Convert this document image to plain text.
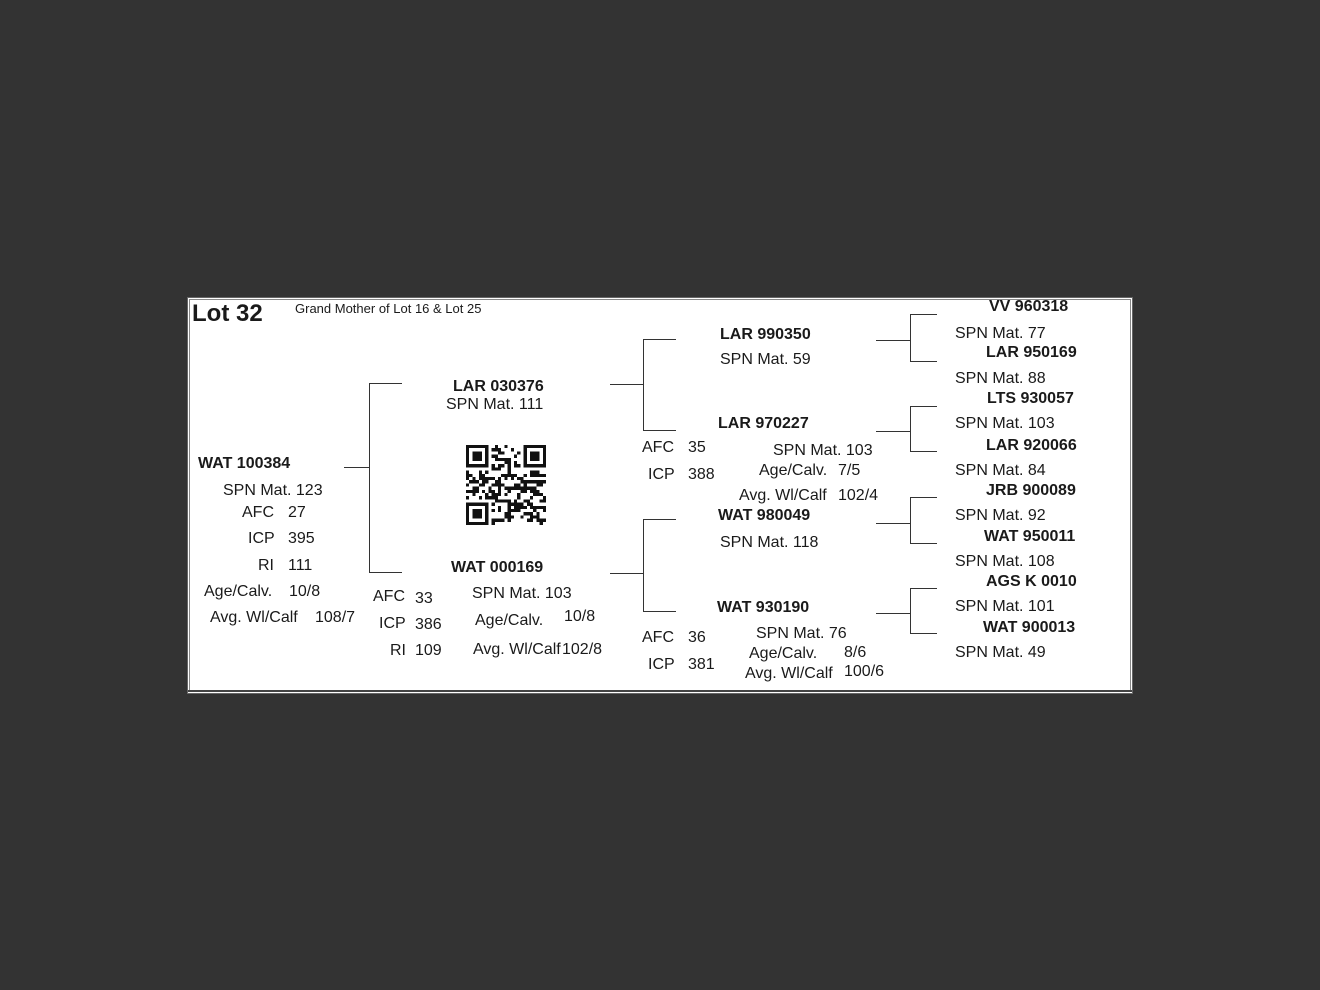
Lot 32 Grand Mother of Lot 16 & Lot 25
WAT 100384
SPN Mat. 123
AFC 27
ICP 395
RI 111
Age/Calv. 10/8
Avg. Wl/Calf 108/7
LAR 030376
SPN Mat. 111
WAT 000169
SPN Mat. 103
AFC 33
ICP 386
RI 109
Age/Calv. 10/8
Avg. Wl/Calf 102/8
LAR 990350
SPN Mat. 59
LAR 970227
AFC 35	SPN Mat. 103
ICP 388	Age/Calv. 7/5
Avg. Wl/Calf 102/4
WAT 980049
SPN Mat. 118
WAT 930190
SPN Mat. 76
AFC 36
Age/Calv. 8/6
ICP 381
Avg. Wl/Calf 100/6
VV 960318
SPN Mat. 77
LAR 950169
SPN Mat. 88
LTS 930057
SPN Mat. 103
LAR 920066
SPN Mat. 84
JRB 900089
SPN Mat. 92
WAT 950011
SPN Mat. 108
AGS K 0010
SPN Mat. 101
WAT 900013
SPN Mat. 49
